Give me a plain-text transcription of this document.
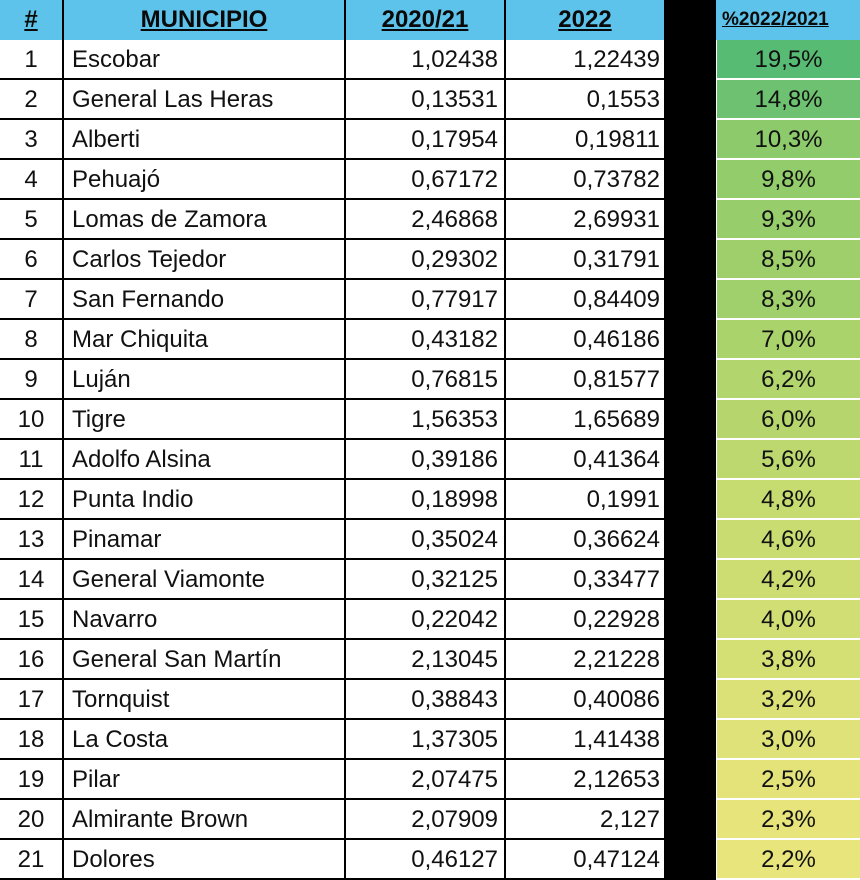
#	MUNICIPIO	2020/21	2022	%2022/2021
1	Escobar	1,02438	1,22439	19,5%
2	General Las Heras	0,13531	0,1553	14,8%
3	Alberti	0,17954	0,19811	10,3%
4	Pehuajó	0,67172	0,73782	9,8%
5	Lomas de Zamora	2,46868	2,69931	9,3%
6	Carlos Tejedor	0,29302	0,31791	8,5%
7	San Fernando	0,77917	0,84409	8,3%
8	Mar Chiquita	0,43182	0,46186	7,0%
9	Luján	0,76815	0,81577	6,2%
10	Tigre	1,56353	1,65689	6,0%
11	Adolfo Alsina	0,39186	0,41364	5,6%
12	Punta Indio	0,18998	0,1991	4,8%
13	Pinamar	0,35024	0,36624	4,6%
14	General Viamonte	0,32125	0,33477	4,2%
15	Navarro	0,22042	0,22928	4,0%
16	General San Martín	2,13045	2,21228	3,8%
17	Tornquist	0,38843	0,40086	3,2%
18	La Costa	1,37305	1,41438	3,0%
19	Pilar	2,07475	2,12653	2,5%
20	Almirante Brown	2,07909	2,127	2,3%
21	Dolores	0,46127	0,47124	2,2%
